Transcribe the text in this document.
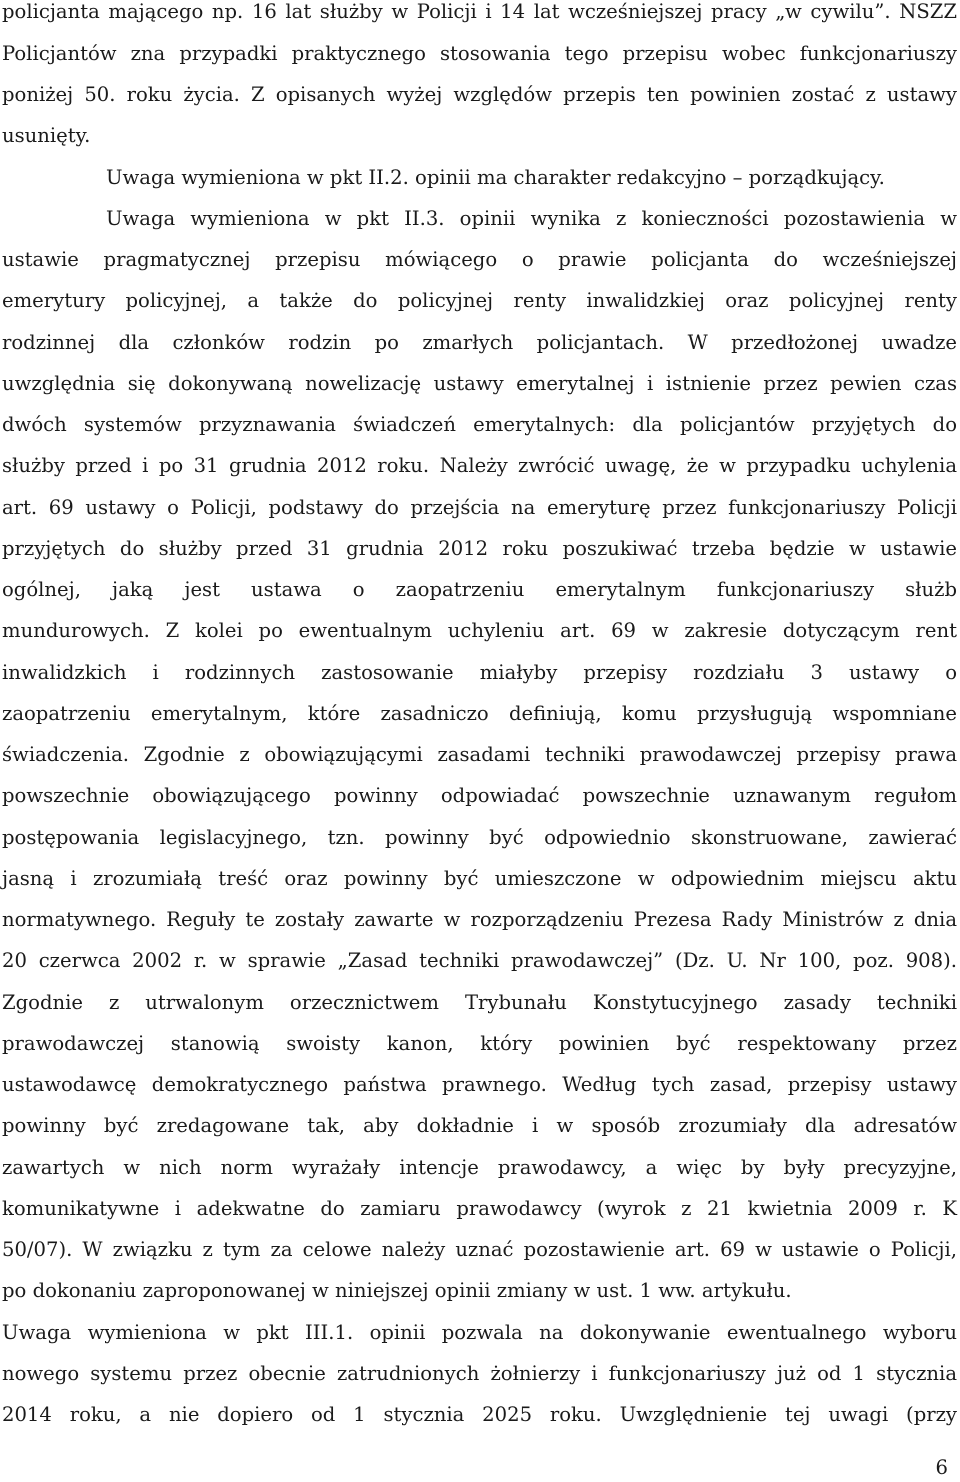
policjanta mającego np. 16 lat służby w Policji i 14 lat wcześniejszej pracy „w cywilu”. NSZZ
Policjantów zna przypadki praktycznego stosowania tego przepisu wobec funkcjonariuszy
poniżej 50. roku życia. Z opisanych wyżej względów przepis ten powinien zostać z ustawy
usunięty.
Uwaga wymieniona w pkt II.2. opinii ma charakter redakcyjno – porządkujący.
Uwaga wymieniona w pkt II.3. opinii wynika z konieczności pozostawienia w
ustawie pragmatycznej przepisu mówiącego o prawie policjanta do wcześniejszej
emerytury policyjnej, a także do policyjnej renty inwalidzkiej oraz policyjnej renty
rodzinnej dla członków rodzin po zmarłych policjantach. W przedłożonej uwadze
uwzględnia się dokonywaną nowelizację ustawy emerytalnej i istnienie przez pewien czas
dwóch systemów przyznawania świadczeń emerytalnych: dla policjantów przyjętych do
służby przed i po 31 grudnia 2012 roku. Należy zwrócić uwagę, że w przypadku uchylenia
art. 69 ustawy o Policji, podstawy do przejścia na emeryturę przez funkcjonariuszy Policji
przyjętych do służby przed 31 grudnia 2012 roku poszukiwać trzeba będzie w ustawie
ogólnej, jaką jest ustawa o zaopatrzeniu emerytalnym funkcjonariuszy służb
mundurowych. Z kolei po ewentualnym uchyleniu art. 69 w zakresie dotyczącym rent
inwalidzkich i rodzinnych zastosowanie miałyby przepisy rozdziału 3 ustawy o
zaopatrzeniu emerytalnym, które zasadniczo definiują, komu przysługują wspomniane
świadczenia. Zgodnie z obowiązującymi zasadami techniki prawodawczej przepisy prawa
powszechnie obowiązującego powinny odpowiadać powszechnie uznawanym regułom
postępowania legislacyjnego, tzn. powinny być odpowiednio skonstruowane, zawierać
jasną i zrozumiałą treść oraz powinny być umieszczone w odpowiednim miejscu aktu
normatywnego. Reguły te zostały zawarte w rozporządzeniu Prezesa Rady Ministrów z dnia
20 czerwca 2002 r. w sprawie „Zasad techniki prawodawczej” (Dz. U. Nr 100, poz. 908).
Zgodnie z utrwalonym orzecznictwem Trybunału Konstytucyjnego zasady techniki
prawodawczej stanowią swoisty kanon, który powinien być respektowany przez
ustawodawcę demokratycznego państwa prawnego. Według tych zasad, przepisy ustawy
powinny być zredagowane tak, aby dokładnie i w sposób zrozumiały dla adresatów
zawartych w nich norm wyrażały intencje prawodawcy, a więc by były precyzyjne,
komunikatywne i adekwatne do zamiaru prawodawcy (wyrok z 21 kwietnia 2009 r. K
50/07). W związku z tym za celowe należy uznać pozostawienie art. 69 w ustawie o Policji,
po dokonaniu zaproponowanej w niniejszej opinii zmiany w ust. 1 ww. artykułu.
Uwaga wymieniona w pkt III.1. opinii pozwala na dokonywanie ewentualnego wyboru
nowego systemu przez obecnie zatrudnionych żołnierzy i funkcjonariuszy już od 1 stycznia
2014 roku, a nie dopiero od 1 stycznia 2025 roku. Uwzględnienie tej uwagi (przy
6
